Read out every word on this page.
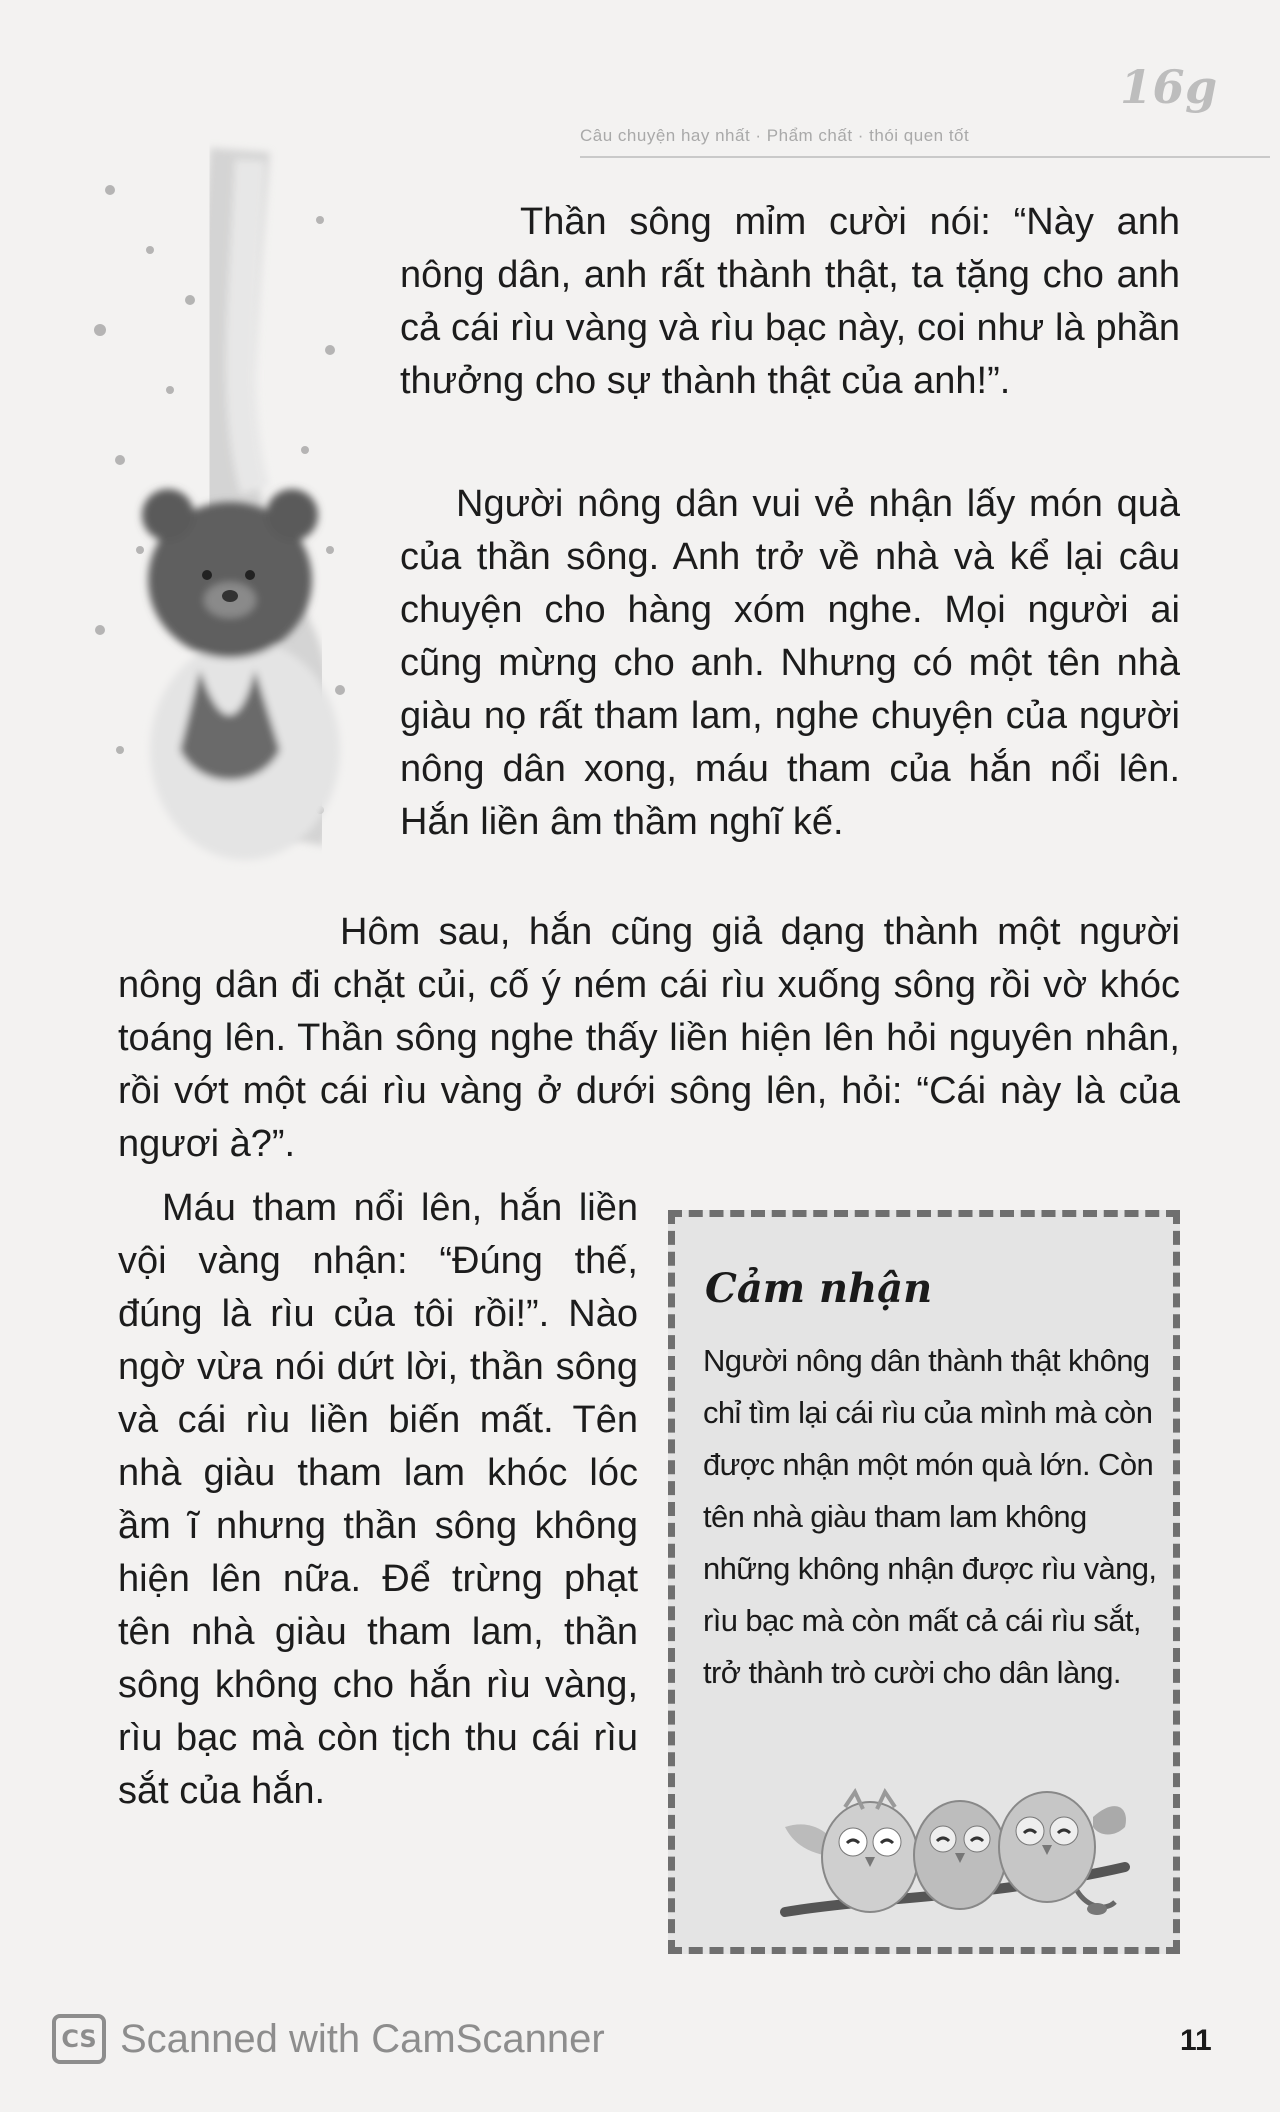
Câu chuyện hay nhất · Phẩm chất · thói quen tốt
16g

Thần sông mỉm cười nói: “Này anh nông dân, anh rất thành thật, ta tặng cho anh cả cái rìu vàng và rìu bạc này, coi như là phần thưởng cho sự thành thật của anh!”.

Người nông dân vui vẻ nhận lấy món quà của thần sông. Anh trở về nhà và kể lại câu chuyện cho hàng xóm nghe. Mọi người ai cũng mừng cho anh. Nhưng có một tên nhà giàu nọ rất tham lam, nghe chuyện của người nông dân xong, máu tham của hắn nổi lên. Hắn liền âm thầm nghĩ kế.

Hôm sau, hắn cũng giả dạng thành một người nông dân đi chặt củi, cố ý ném cái rìu xuống sông rồi vờ khóc toáng lên. Thần sông nghe thấy liền hiện lên hỏi nguyên nhân, rồi vớt một cái rìu vàng ở dưới sông lên, hỏi: “Cái này là của ngươi à?”.

Máu tham nổi lên, hắn liền vội vàng nhận: “Đúng thế, đúng là rìu của tôi rồi!”. Nào ngờ vừa nói dứt lời, thần sông và cái rìu liền biến mất. Tên nhà giàu tham lam khóc lóc ầm ĩ nhưng thần sông không hiện lên nữa. Để trừng phạt tên nhà giàu tham lam, thần sông không cho hắn rìu vàng, rìu bạc mà còn tịch thu cái rìu sắt của hắn.

Cảm nhận
Người nông dân thành thật không chỉ tìm lại cái rìu của mình mà còn được nhận một món quà lớn. Còn tên nhà giàu tham lam không những không nhận được rìu vàng, rìu bạc mà còn mất cả cái rìu sắt, trở thành trò cười cho dân làng.
CS Scanned with CamScanner	11
